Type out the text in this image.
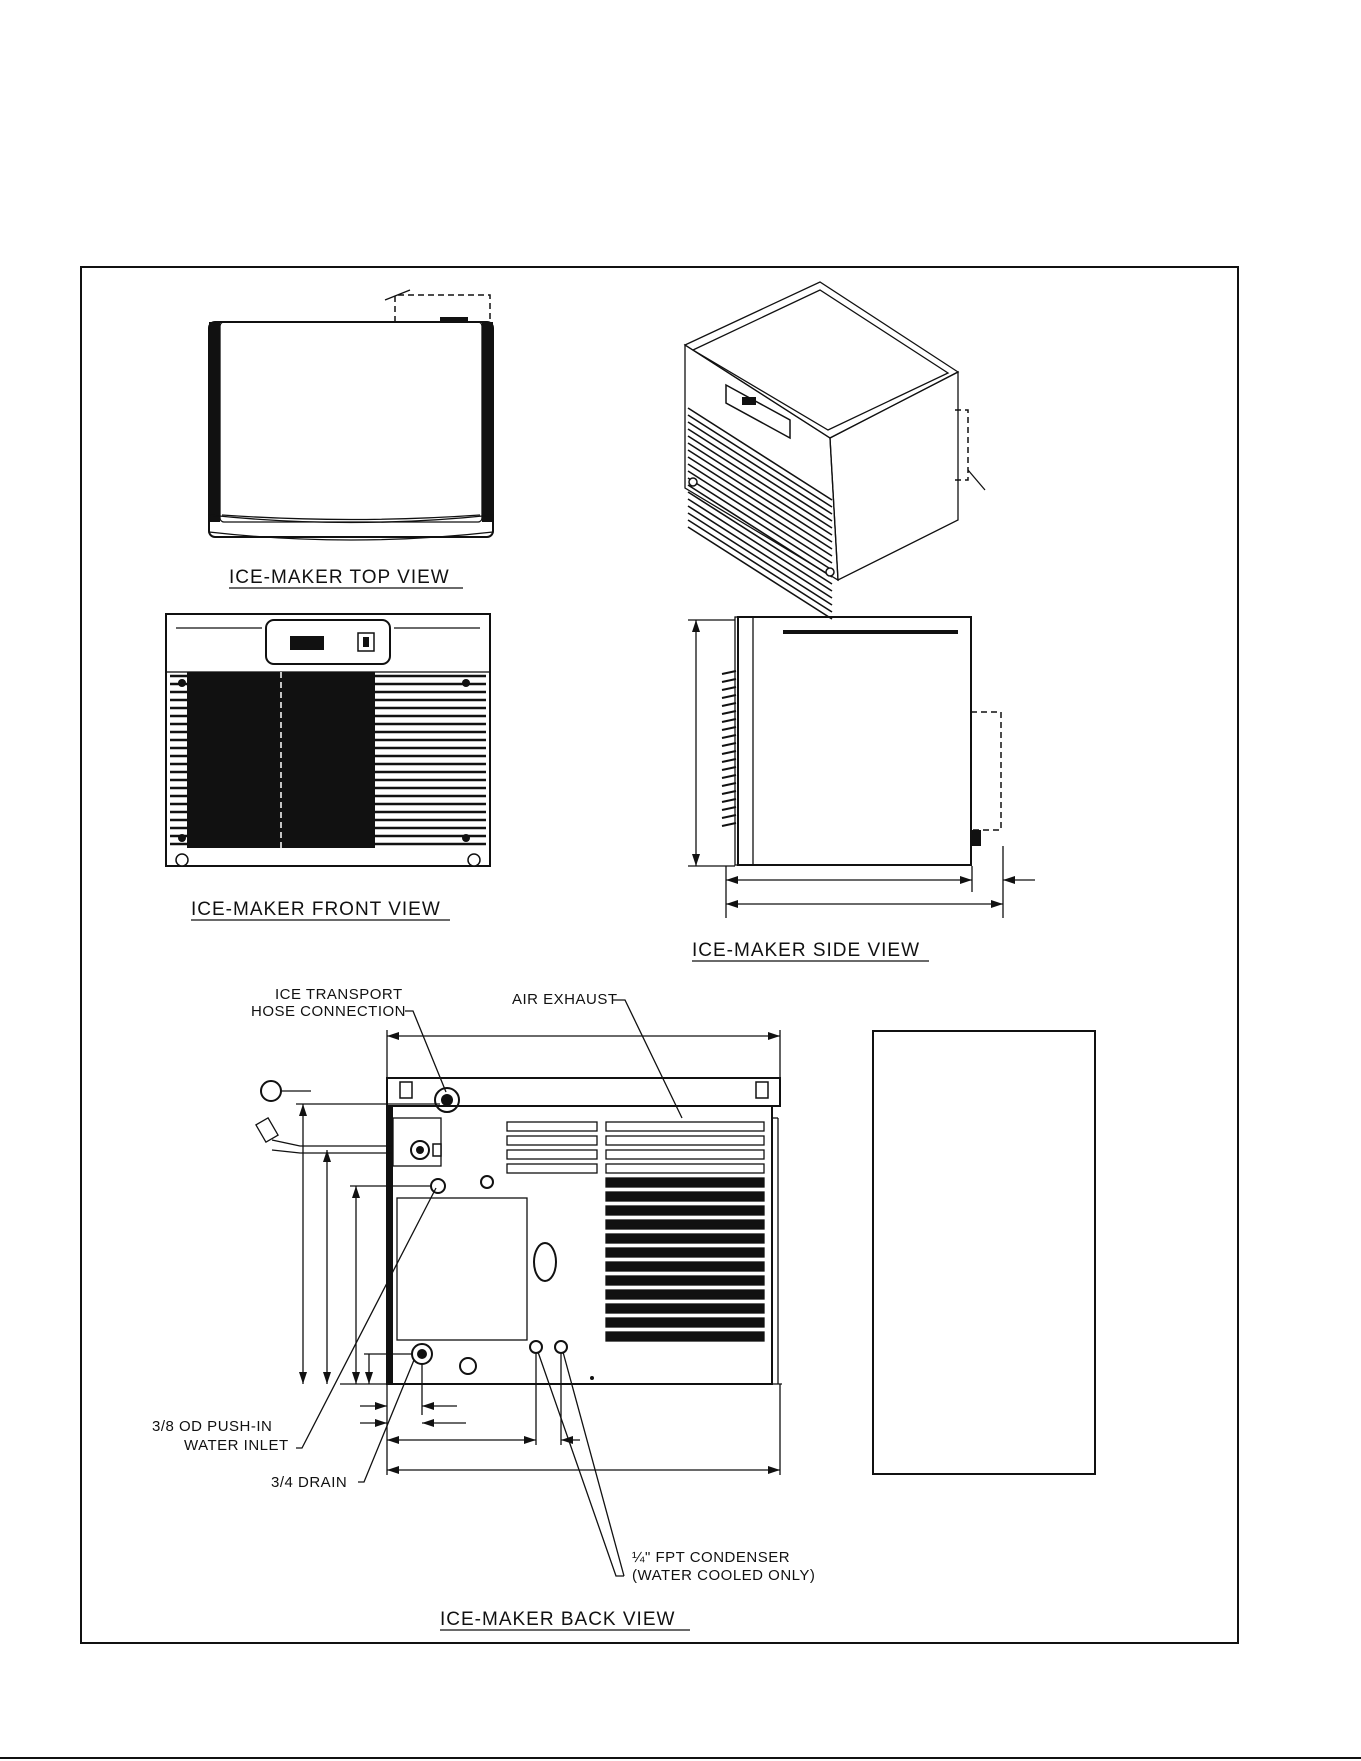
ICE-MAKER TOP VIEW
ICE-MAKER FRONT VIEW
ICE-MAKER SIDE VIEW
ICE TRANSPORT
HOSE CONNECTION
AIR EXHAUST
3/8 OD PUSH-IN
WATER INLET
3/4 DRAIN
¼" FPT CONDENSER
(WATER COOLED ONLY)
ICE-MAKER BACK VIEW
